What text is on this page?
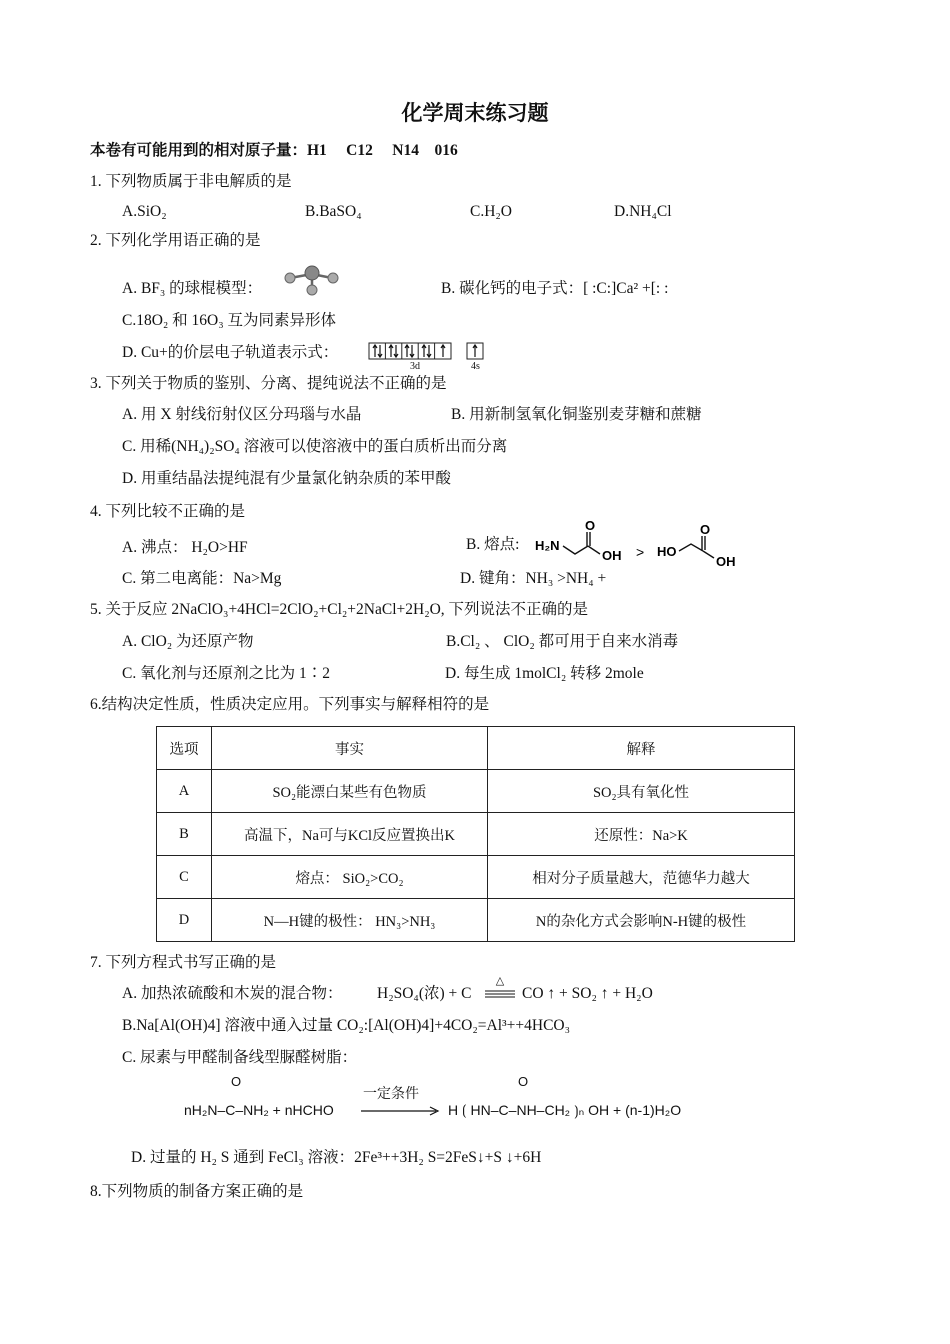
化学周末练习题
本卷有可能用到的相对原子量：H1　 C12　 N14　016
1. 下列物质属于非电解质的是
A.SiO₂	B.BaSO₄	C.H₂O	D.NH₄Cl
2. 下列化学用语正确的是
A. BF₃ 的球棍模型：	B. 碳化钙的电子式：[ :C:]Ca² +[: :
C.18O₂ 和 16O₃ 互为同素异形体
D. Cu+的价层电子轨道表示式：
3d	4s
3. 下列关于物质的鉴别、分离、提纯说法不正确的是
A. 用 X 射线衍射仪区分玛瑙与水晶	B. 用新制氢氧化铜鉴别麦芽糖和蔗糖
C. 用稀(NH₄)₂SO₄ 溶液可以使溶液中的蛋白质析出而分离
D. 用重结晶法提纯混有少量氯化钠杂质的苯甲酸
4. 下列比较不正确的是
A. 沸点： H₂O>HF	B. 熔点: H₂N
O
OH > HO
O
OH
C. 第二电离能：Na>Mg	D. 键角：NH₃ >NH₄ +
5. 关于反应 2NaClO₃+4HCl=2ClO₂+Cl₂+2NaCl+2H₂O, 下列说法不正确的是
A. ClO₂ 为还原产物	B.Cl₂ 、 ClO₂ 都可用于自来水消毒
C. 氧化剂与还原剂之比为 1∶2	D. 每生成 1molCl₂ 转移 2mole
6.结构决定性质，性质决定应用。下列事实与解释相符的是
选项	事实	解释
A	SO₂能漂白某些有色物质	SO₂具有氧化性
B	高温下，Na可与KCl反应置换出K	还原性：Na>K
C	熔点： SiO₂>CO₂	相对分子质量越大，范德华力越大
D	N—H键的极性： HN₃>NH₃	N的杂化方式会影响N-H键的极性
7. 下列方程式书写正确的是
A. 加热浓硫酸和木炭的混合物： H₂SO₄(浓) + C
△
CO ↑ + SO₂ ↑ + H₂O
B.Na[Al(OH)4] 溶液中通入过量 CO₂:[Al(OH)4]+4CO₂=Al³++4HCO₃
C. 尿素与甲醛制备线型脲醛树脂：
O
nH₂N–C–NH₂ + nHCHO
一定条件
O
H ⟮ HN–C–NH–CH₂ ⟯ₙ OH + (n-1)H₂O
D. 过量的 H₂ S 通到 FeCl₃ 溶液：2Fe³++3H₂ S=2FeS↓+S ↓+6H
8.下列物质的制备方案正确的是
